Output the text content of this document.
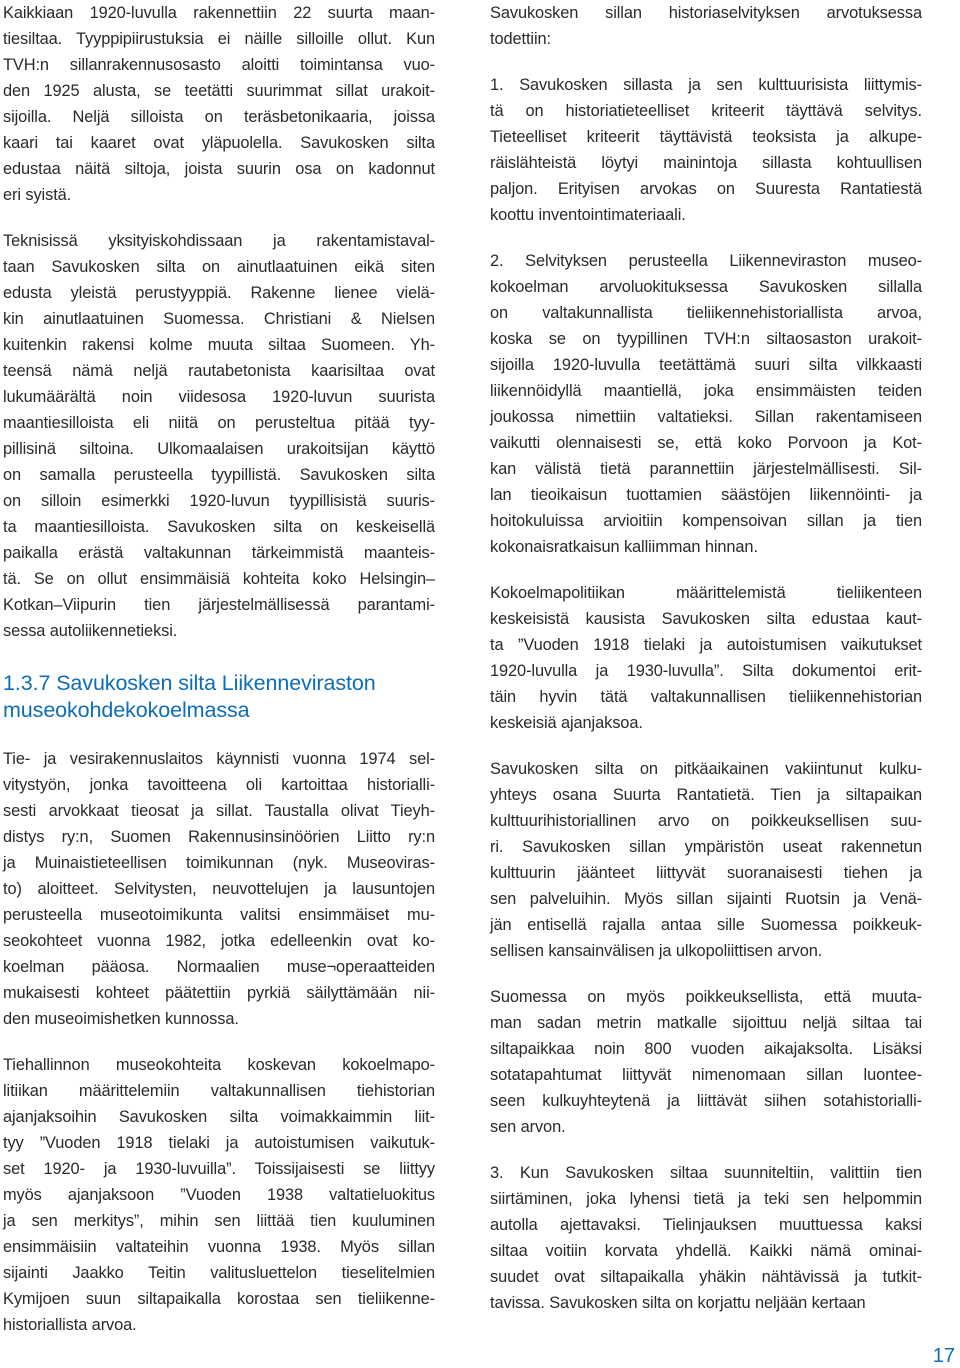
Kaikkiaan 1920-luvulla rakennettiin 22 suurta maan-
tiesiltaa. Tyyppipiirustuksia ei näille silloille ollut. Kun
TVH:n sillanrakennusosasto aloitti toimintansa vuo-
den 1925 alusta, se teetätti suurimmat sillat urakoit-
sijoilla. Neljä silloista on teräsbetonikaaria, joissa
kaari tai kaaret ovat yläpuolella. Savukosken silta
edustaa näitä siltoja, joista suurin osa on kadonnut
eri syistä.
Teknisissä yksityiskohdissaan ja rakentamistaval-
taan Savukosken silta on ainutlaatuinen eikä siten
edusta yleistä perustyyppiä. Rakenne lienee vielä-
kin ainutlaatuinen Suomessa. Christiani & Nielsen
kuitenkin rakensi kolme muuta siltaa Suomeen. Yh-
teensä nämä neljä rautabetonista kaarisiltaa ovat
lukumäärältä noin viidesosa 1920-luvun suurista
maantiesilloista eli niitä on perusteltua pitää tyy-
pillisinä siltoina. Ulkomaalaisen urakoitsijan käyttö
on samalla perusteella tyypillistä. Savukosken silta
on silloin esimerkki 1920-luvun tyypillisistä suuris-
ta maantiesilloista. Savukosken silta on keskeisellä
paikalla erästä valtakunnan tärkeimmistä maanteis-
tä. Se on ollut ensimmäisiä kohteita koko Helsingin–
Kotkan–Viipurin tien järjestelmällisessä parantami-
sessa autoliikennetieksi.
1.3.7 Savukosken silta Liikenneviraston
museokohdekokoelmassa
Tie- ja vesirakennuslaitos käynnisti vuonna 1974 sel-
vitystyön, jonka tavoitteena oli kartoittaa historialli-
sesti arvokkaat tieosat ja sillat. Taustalla olivat Tieyh-
distys ry:n, Suomen Rakennusinsinöörien Liitto ry:n
ja Muinaistieteellisen toimikunnan (nyk. Museoviras-
to) aloitteet. Selvitysten, neuvottelujen ja lausuntojen
perusteella museotoimikunta valitsi ensimmäiset mu-
seokohteet vuonna 1982, jotka edelleenkin ovat ko-
koelman pääosa. Normaalien muse¬operaatteiden
mukaisesti kohteet päätettiin pyrkiä säilyttämään nii-
den museoimishetken kunnossa.
Tiehallinnon museokohteita koskevan kokoelmapo-
litiikan määrittelemiin valtakunnallisen tiehistorian
ajanjaksoihin Savukosken silta voimakkaimmin liit-
tyy ”Vuoden 1918 tielaki ja autoistumisen vaikutuk-
set 1920- ja 1930-luvuilla”. Toissijaisesti se liittyy
myös ajanjaksoon ”Vuoden 1938 valtatieluokitus
ja sen merkitys”, mihin sen liittää tien kuuluminen
ensimmäisiin valtateihin vuonna 1938. Myös sillan
sijainti Jaakko Teitin valitusluettelon tieselitelmien
Kymijoen suun siltapaikalla korostaa sen tieliikenne-
historiallista arvoa.
Savukosken sillan historiaselvityksen arvotuksessa
todettiin:
1. Savukosken sillasta ja sen kulttuurisista liittymis-
tä on historiatieteelliset kriteerit täyttävä selvitys.
Tieteelliset kriteerit täyttävistä teoksista ja alkupe-
räislähteistä löytyi mainintoja sillasta kohtuullisen
paljon. Erityisen arvokas on Suuresta Rantatiestä
koottu inventointimateriaali.
2. Selvityksen perusteella Liikenneviraston museo-
kokoelman arvoluokituksessa Savukosken sillalla
on valtakunnallista tieliikennehistoriallista arvoa,
koska se on tyypillinen TVH:n siltaosaston urakoit-
sijoilla 1920-luvulla teetättämä suuri silta vilkkaasti
liikennöidyllä maantiellä, joka ensimmäisten teiden
joukossa nimettiin valtatieksi. Sillan rakentamiseen
vaikutti olennaisesti se, että koko Porvoon ja Kot-
kan välistä tietä parannettiin järjestelmällisesti. Sil-
lan tieoikaisun tuottamien säästöjen liikennöinti- ja
hoitokuluissa arvioitiin kompensoivan sillan ja tien
kokonaisratkaisun kalliimman hinnan.
Kokoelmapolitiikan määrittelemistä tieliikenteen
keskeisistä kausista Savukosken silta edustaa kaut-
ta ”Vuoden 1918 tielaki ja autoistumisen vaikutukset
1920-luvulla ja 1930-luvulla”. Silta dokumentoi erit-
täin hyvin tätä valtakunnallisen tieliikennehistorian
keskeisiä ajanjaksoa.
Savukosken silta on pitkäaikainen vakiintunut kulku-
yhteys osana Suurta Rantatietä. Tien ja siltapaikan
kulttuurihistoriallinen arvo on poikkeuksellisen suu-
ri. Savukosken sillan ympäristön useat rakennetun
kulttuurin jäänteet liittyvät suoranaisesti tiehen ja
sen palveluihin. Myös sillan sijainti Ruotsin ja Venä-
jän entisellä rajalla antaa sille Suomessa poikkeuk-
sellisen kansainvälisen ja ulkopoliittisen arvon.
Suomessa on myös poikkeuksellista, että muuta-
man sadan metrin matkalle sijoittuu neljä siltaa tai
siltapaikkaa noin 800 vuoden aikajaksolta. Lisäksi
sotatapahtumat liittyvät nimenomaan sillan luontee-
seen kulkuyhteytenä ja liittävät siihen sotahistorialli-
sen arvon.
3. Kun Savukosken siltaa suunniteltiin, valittiin tien
siirtäminen, joka lyhensi tietä ja teki sen helpommin
autolla ajettavaksi. Tielinjauksen muuttuessa kaksi
siltaa voitiin korvata yhdellä. Kaikki nämä ominai-
suudet ovat siltapaikalla yhäkin nähtävissä ja tutkit-
tavissa. Savukosken silta on korjattu neljään kertaan
17
